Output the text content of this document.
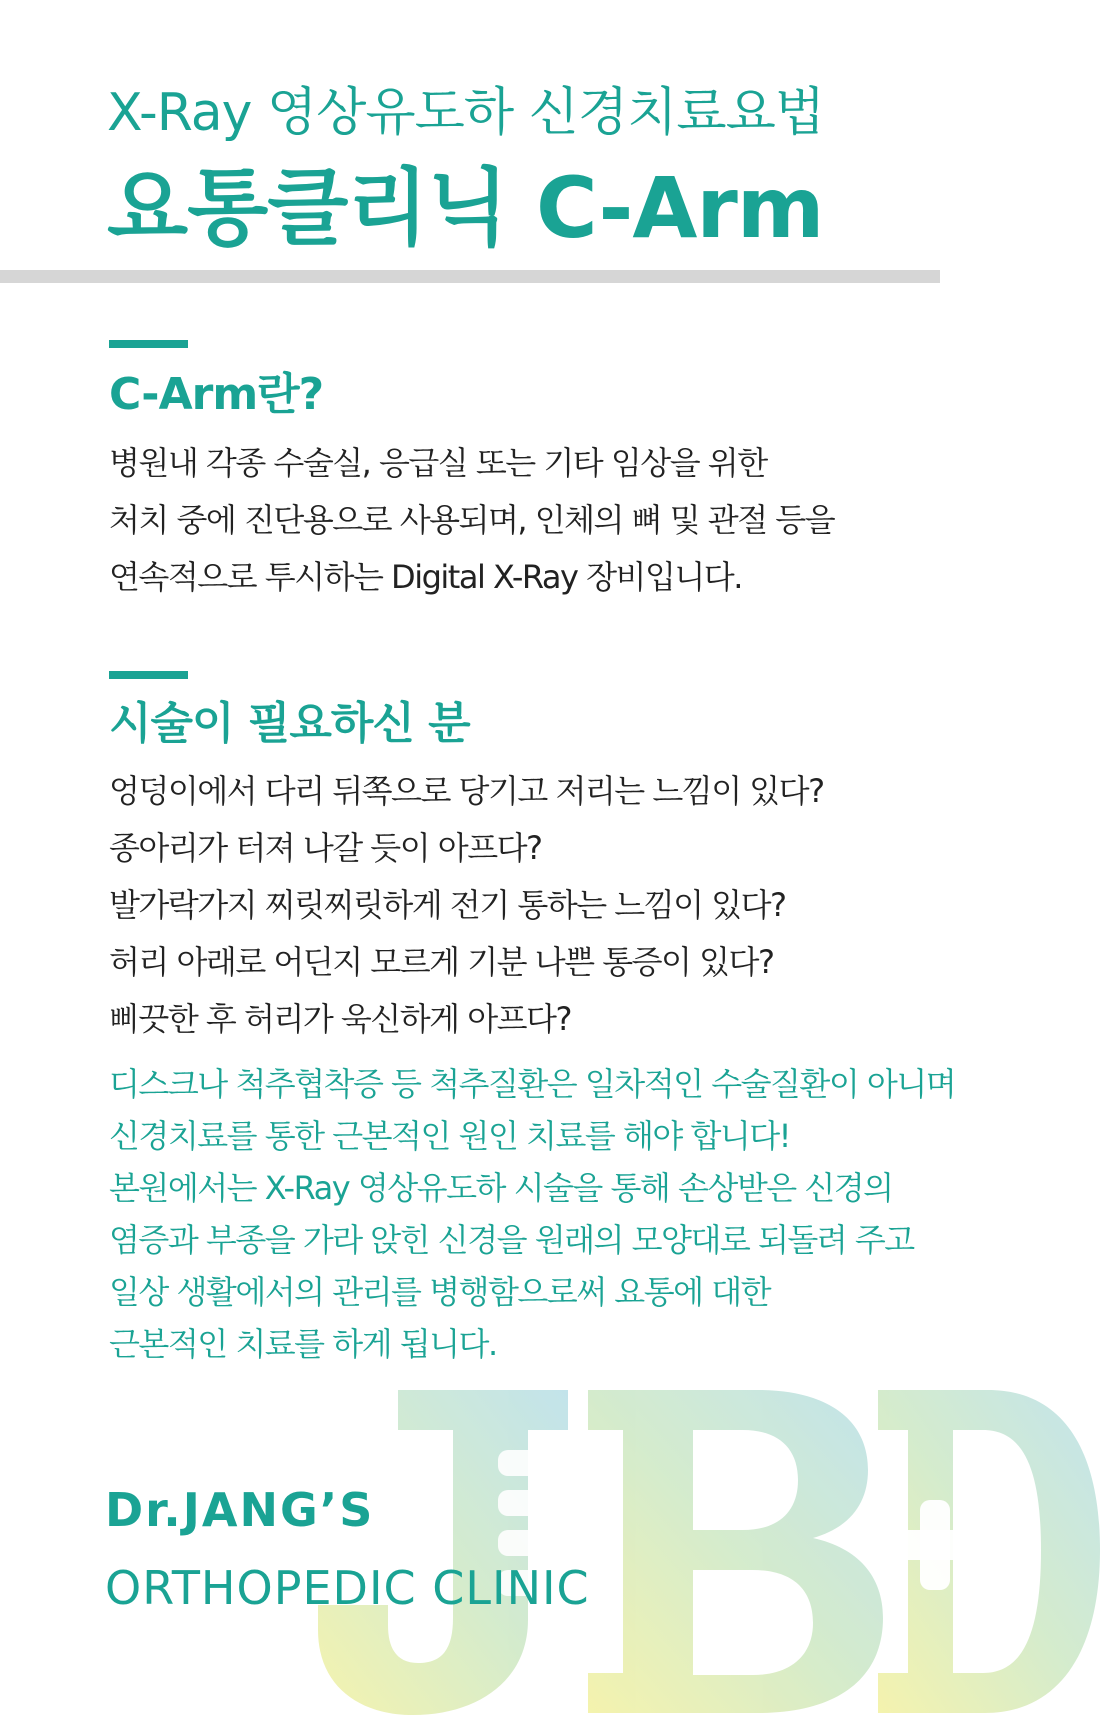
X-Ray 영상유도하 신경치료요법
요통클리닉 C-Arm
C-Arm란?
병원내 각종 수술실, 응급실 또는 기타 임상을 위한
처치 중에 진단용으로 사용되며, 인체의 뼈 및 관절 등을
연속적으로 투시하는 Digital X-Ray 장비입니다.
시술이 필요하신 분
엉덩이에서 다리 뒤쪽으로 당기고 저리는 느낌이 있다?
종아리가 터져 나갈 듯이 아프다?
발가락가지 찌릿찌릿하게 전기 통하는 느낌이 있다?
허리 아래로 어딘지 모르게 기분 나쁜 통증이 있다?
삐끗한 후 허리가 욱신하게 아프다?
디스크나 척추협착증 등 척추질환은 일차적인 수술질환이 아니며
신경치료를 통한 근본적인 원인 치료를 해야 합니다!
본원에서는 X-Ray 영상유도하 시술을 통해 손상받은 신경의
염증과 부종을 가라 앉힌 신경을 원래의 모양대로 되돌려 주고
일상 생활에서의 관리를 병행함으로써 요통에 대한
근본적인 치료를 하게 됩니다.
Dr.JANG’S
ORTHOPEDIC CLINIC
